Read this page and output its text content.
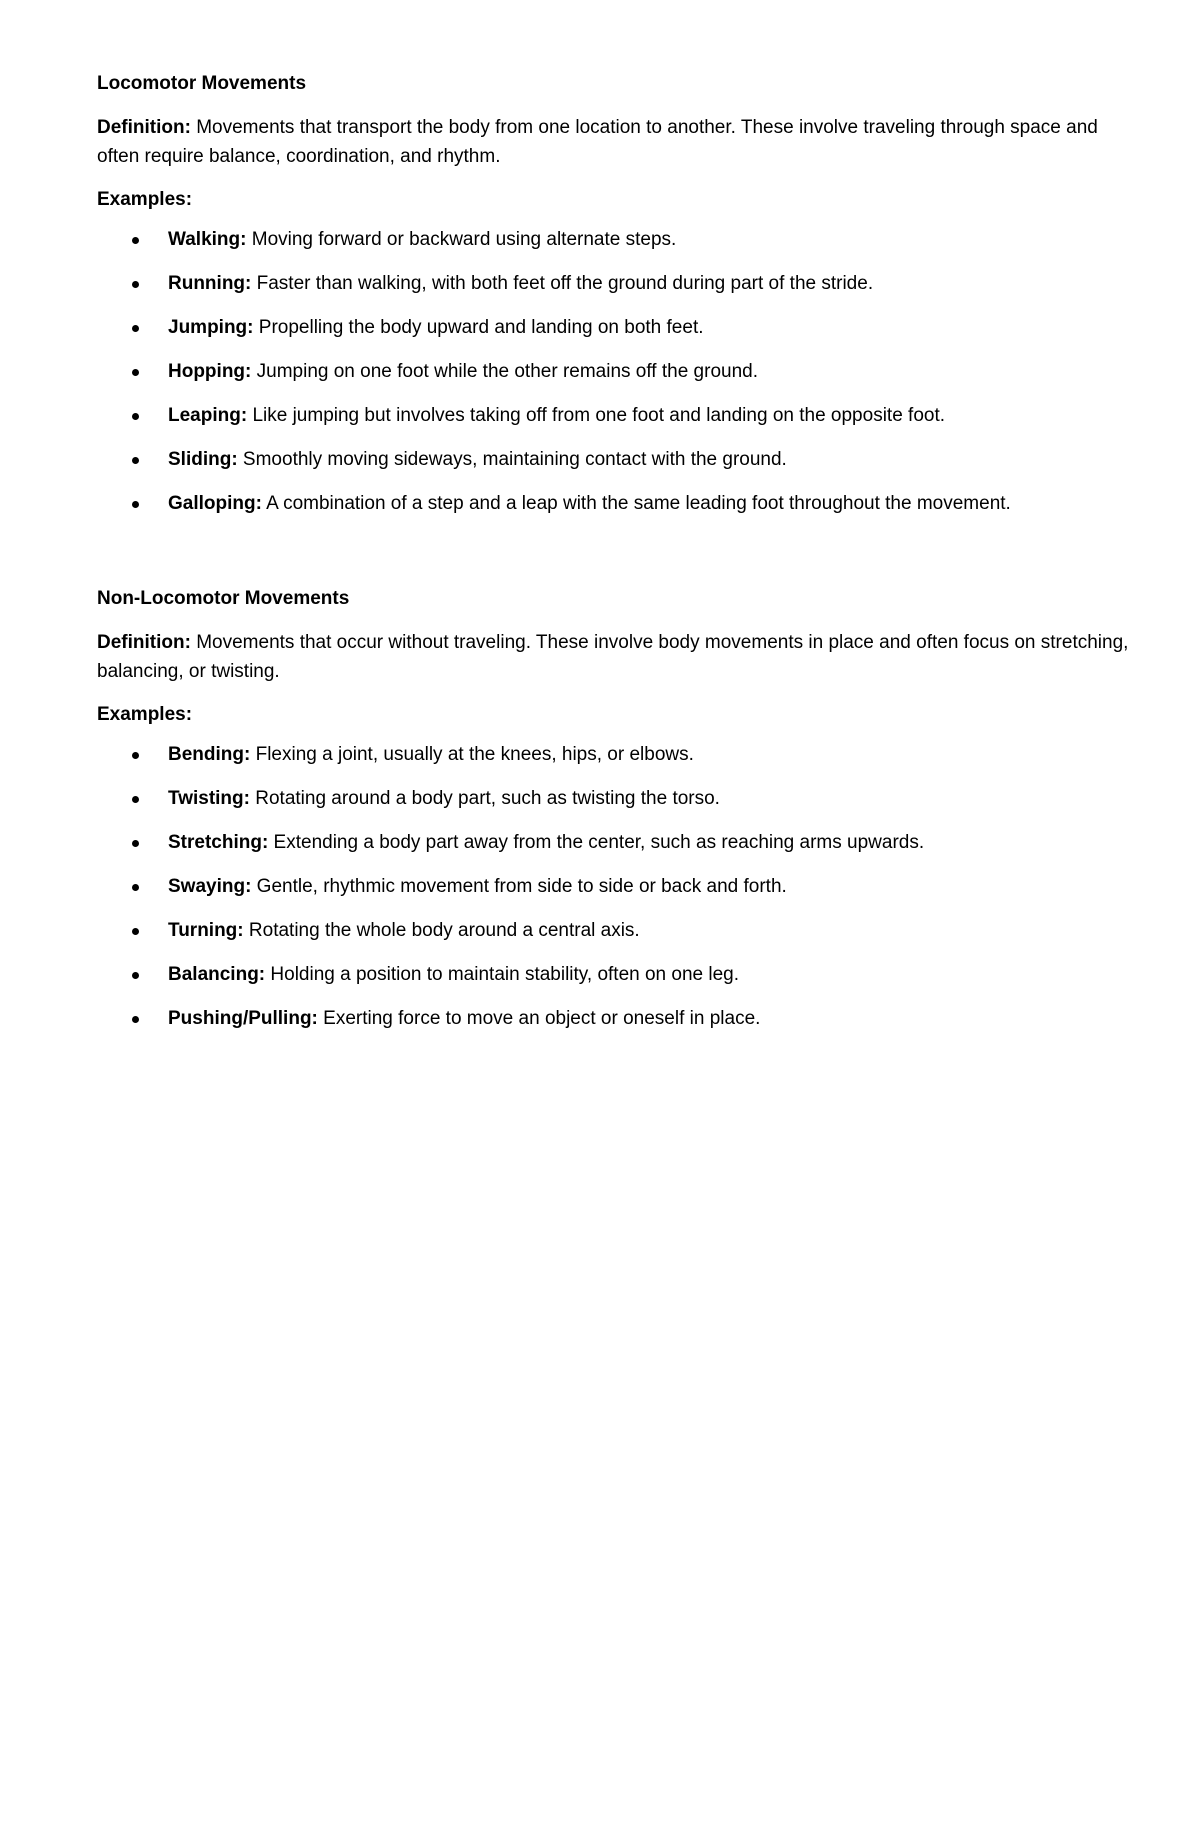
Locomotor Movements
Definition: Movements that transport the body from one location to another. These involve traveling through space and often require balance, coordination, and rhythm.
Examples:
Walking: Moving forward or backward using alternate steps.
Running: Faster than walking, with both feet off the ground during part of the stride.
Jumping: Propelling the body upward and landing on both feet.
Hopping: Jumping on one foot while the other remains off the ground.
Leaping: Like jumping but involves taking off from one foot and landing on the opposite foot.
Sliding: Smoothly moving sideways, maintaining contact with the ground.
Galloping: A combination of a step and a leap with the same leading foot throughout the movement.
Non-Locomotor Movements
Definition: Movements that occur without traveling. These involve body movements in place and often focus on stretching, balancing, or twisting.
Examples:
Bending: Flexing a joint, usually at the knees, hips, or elbows.
Twisting: Rotating around a body part, such as twisting the torso.
Stretching: Extending a body part away from the center, such as reaching arms upwards.
Swaying: Gentle, rhythmic movement from side to side or back and forth.
Turning: Rotating the whole body around a central axis.
Balancing: Holding a position to maintain stability, often on one leg.
Pushing/Pulling: Exerting force to move an object or oneself in place.
